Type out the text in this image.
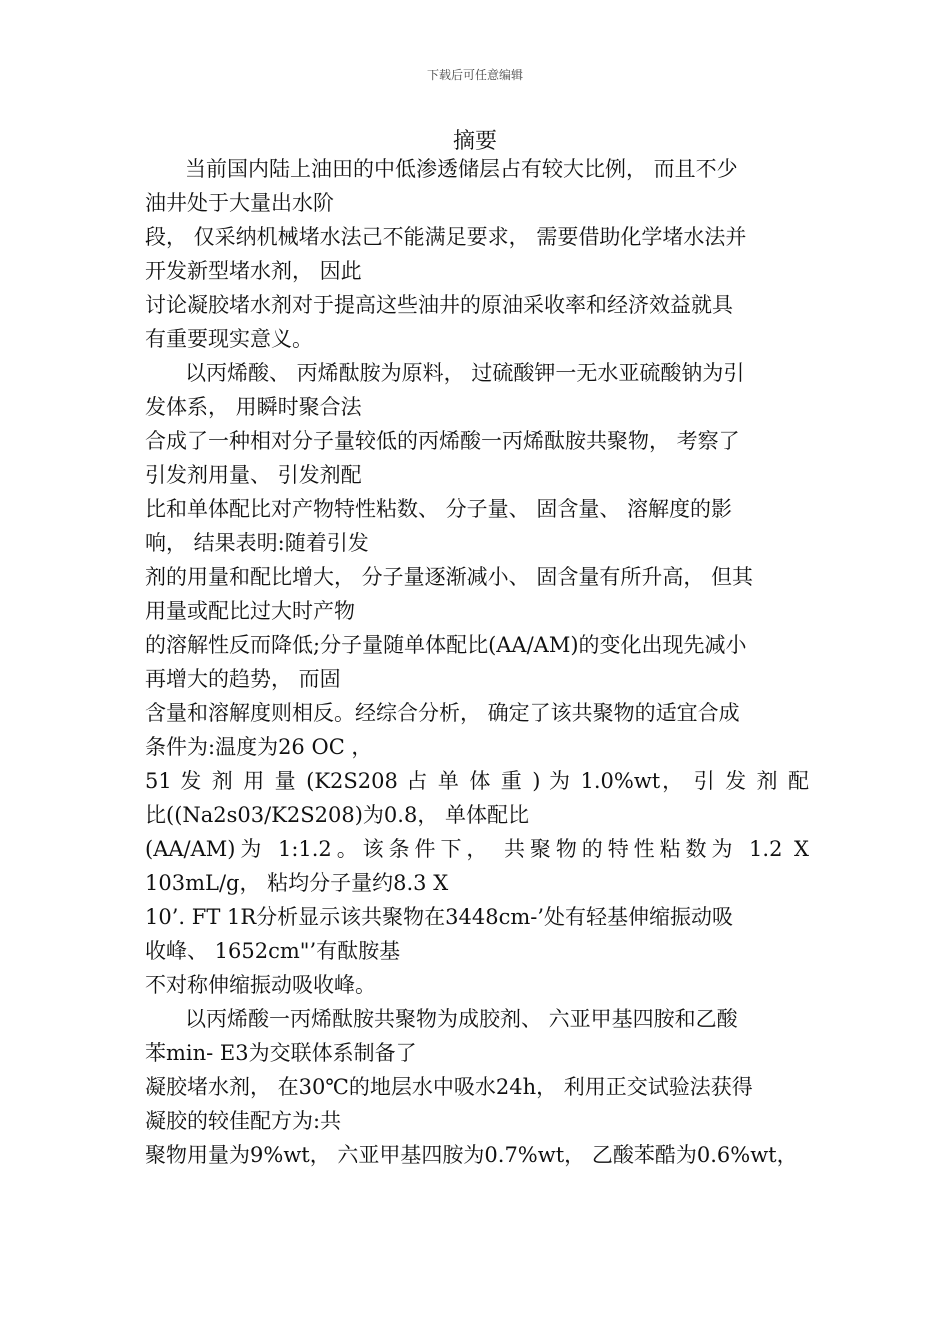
下载后可任意编辑
摘要
当前国内陆上油田的中低渗透储层占有较大比例， 而且不少
油井处于大量出水阶
段， 仅采纳机械堵水法己不能满足要求， 需要借助化学堵水法并
开发新型堵水剂， 因此
讨论凝胶堵水剂对于提高这些油井的原油采收率和经济效益就具
有重要现实意义。
以丙烯酸、 丙烯酞胺为原料， 过硫酸钾一无水亚硫酸钠为引
发体系， 用瞬时聚合法
合成了一种相对分子量较低的丙烯酸一丙烯酞胺共聚物， 考察了
引发剂用量、 引发剂配
比和单体配比对产物特性粘数、 分子量、 固含量、 溶解度的影
响， 结果表明:随着引发
剂的用量和配比增大， 分子量逐渐减小、 固含量有所升高， 但其
用量或配比过大时产物
的溶解性反而降低;分子量随单体配比(AA/AM)的变化出现先减小
再增大的趋势， 而固
含量和溶解度则相反。经综合分析， 确定了该共聚物的适宜合成
条件为:温度为26 OC ，
51 发 剂 用 量 (K2S208 占 单 体 重 ) 为 1.0%wt， 引 发 剂 配
比((Na2s03/K2S208)为0.8， 单体配比
(AA/AM)为 1:1.2。该条件下， 共聚物的特性粘数为 1.2 X
103mL/g， 粘均分子量约8.3 X
10’. FT 1R分析显示该共聚物在3448cm-’处有轻基伸缩振动吸
收峰、 1652cm"’有酞胺基
不对称伸缩振动吸收峰。
以丙烯酸一丙烯酞胺共聚物为成胶剂、 六亚甲基四胺和乙酸
苯min- E3为交联体系制备了
凝胶堵水剂， 在30℃的地层水中吸水24h， 利用正交试验法获得
凝胶的较佳配方为:共
聚物用量为9%wt， 六亚甲基四胺为0.7%wt， 乙酸苯酷为0.6%wt，
